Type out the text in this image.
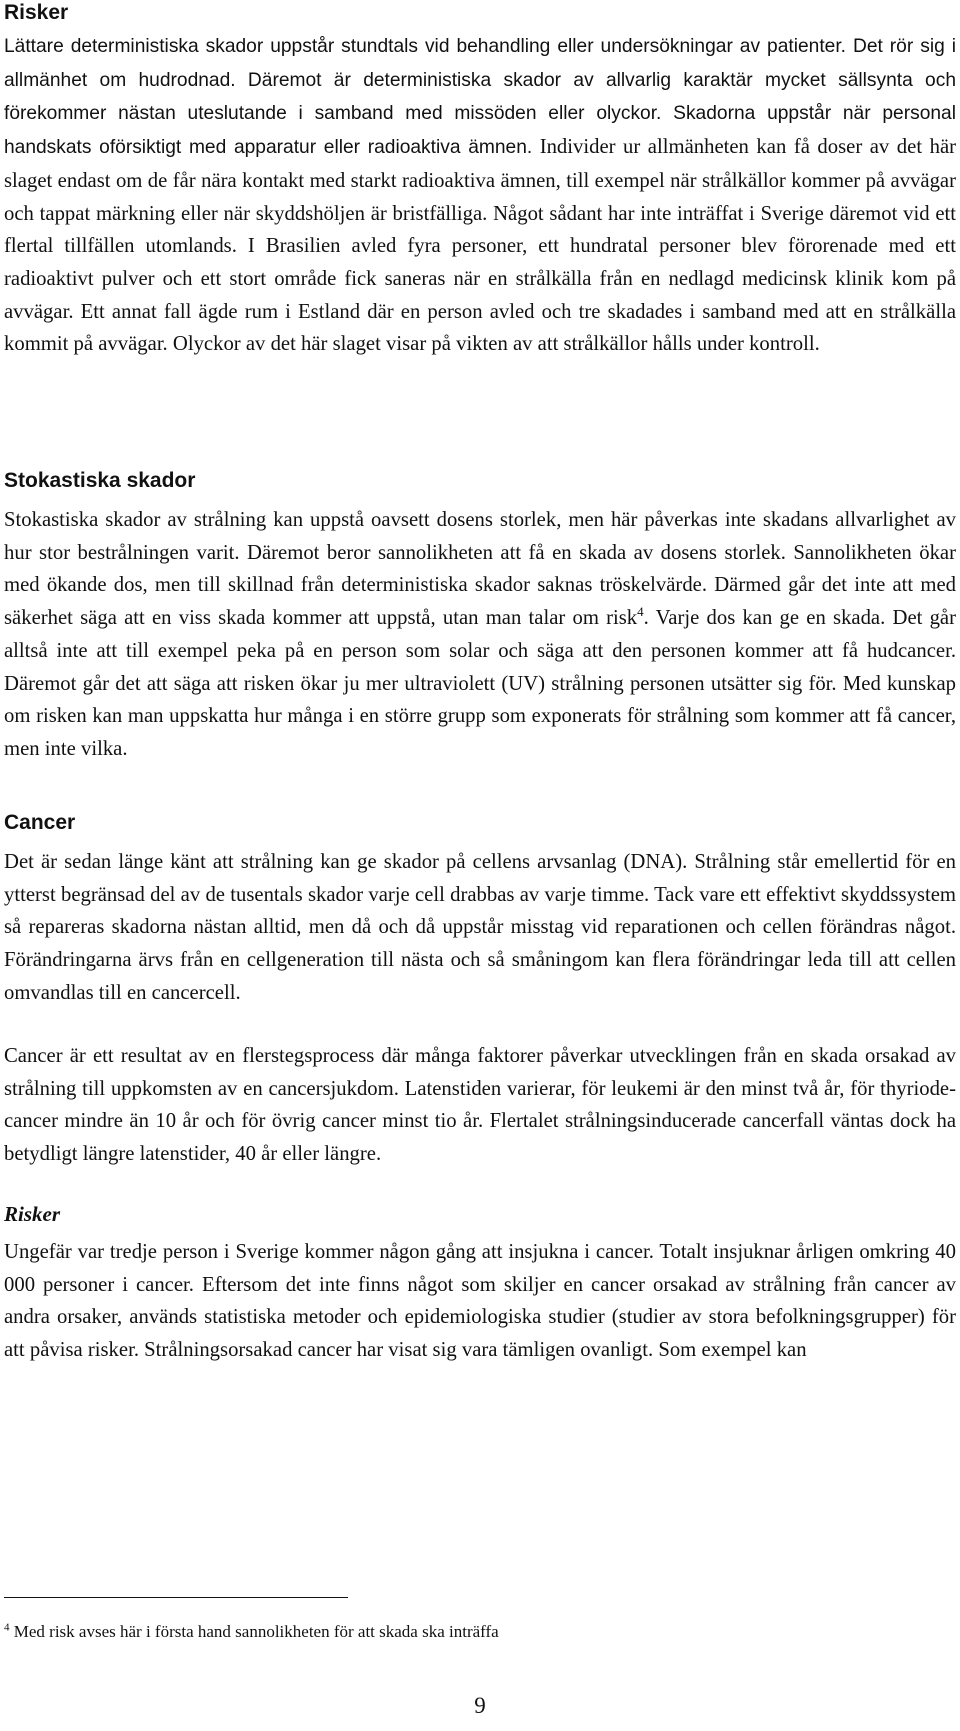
Risker

Lättare deterministiska skador uppstår stundtals vid behandling eller undersökningar av patienter. Det rör sig i allmänhet om hudrodnad. Däremot är deterministiska skador av allvarlig karaktär mycket sällsynta och förekommer nästan uteslutande i samband med missöden eller olyckor. Skadorna uppstår när personal handskats oförsiktigt med apparatur eller radioaktiva ämnen. Individer ur allmänheten kan få doser av det här slaget endast om de får nära kontakt med starkt radioaktiva ämnen, till exempel när strålkällor kommer på avvägar och tappat märkning eller när skyddshöljen är bristfälliga. Något sådant har inte inträffat i Sverige däremot vid ett flertal tillfällen utomlands. I Brasilien avled fyra personer, ett hundratal personer blev förorenade med ett radioaktivt pulver och ett stort område fick saneras när en strålkälla från en nedlagd medicinsk klinik kom på avvägar. Ett annat fall ägde rum i Estland där en person avled och tre skadades i samband med att en strålkälla kommit på avvägar. Olyckor av det här slaget visar på vikten av att strålkällor hålls under kontroll.

Stokastiska skador

Stokastiska skador av strålning kan uppstå oavsett dosens storlek, men här påverkas inte skadans allvarlighet av hur stor bestrålningen varit. Däremot beror sannolikheten att få en skada av dosens storlek. Sannolikheten ökar med ökande dos, men till skillnad från deterministiska skador saknas tröskelvärde. Därmed går det inte att med säkerhet säga att en viss skada kommer att uppstå, utan man talar om risk$^4$. Varje dos kan ge en skada. Det går alltså inte att till exempel peka på en person som solar och säga att den personen kommer att få hudcancer. Däremot går det att säga att risken ökar ju mer ultraviolett (UV) strålning personen utsätter sig för. Med kunskap om risken kan man uppskatta hur många i en större grupp som exponerats för strålning som kommer att få cancer, men inte vilka.

Cancer

Det är sedan länge känt att strålning kan ge skador på cellens arvsanlag (DNA). Strålning står emellertid för en ytterst begränsad del av de tusentals skador varje cell drabbas av varje timme. Tack vare ett effektivt skyddssystem så repareras skadorna nästan alltid, men då och då uppstår misstag vid reparationen och cellen förändras något. Förändringarna ärvs från en cellgeneration till nästa och så småningom kan flera förändringar leda till att cellen omvandlas till en cancercell.

Cancer är ett resultat av en flerstegsprocess där många faktorer påverkar utvecklingen från en skada orsakad av strålning till uppkomsten av en cancersjukdom. Latenstiden varierar, för leukemi är den minst två år, för thyriode-cancer mindre än 10 år och för övrig cancer minst tio år. Flertalet strålningsinducerade cancerfall väntas dock ha betydligt längre latenstider, 40 år eller längre.

Risker

Ungefär var tredje person i Sverige kommer någon gång att insjukna i cancer. Totalt insjuknar årligen omkring 40 000 personer i cancer. Eftersom det inte finns något som skiljer en cancer orsakad av strålning från cancer av andra orsaker, används statistiska metoder och epidemiologiska studier (studier av stora befolkningsgrupper) för att påvisa risker. Strålningsorsakad cancer har visat sig vara tämligen ovanligt. Som exempel kan

$^4$ Med risk avses här i första hand sannolikheten för att skada ska inträffa

9
